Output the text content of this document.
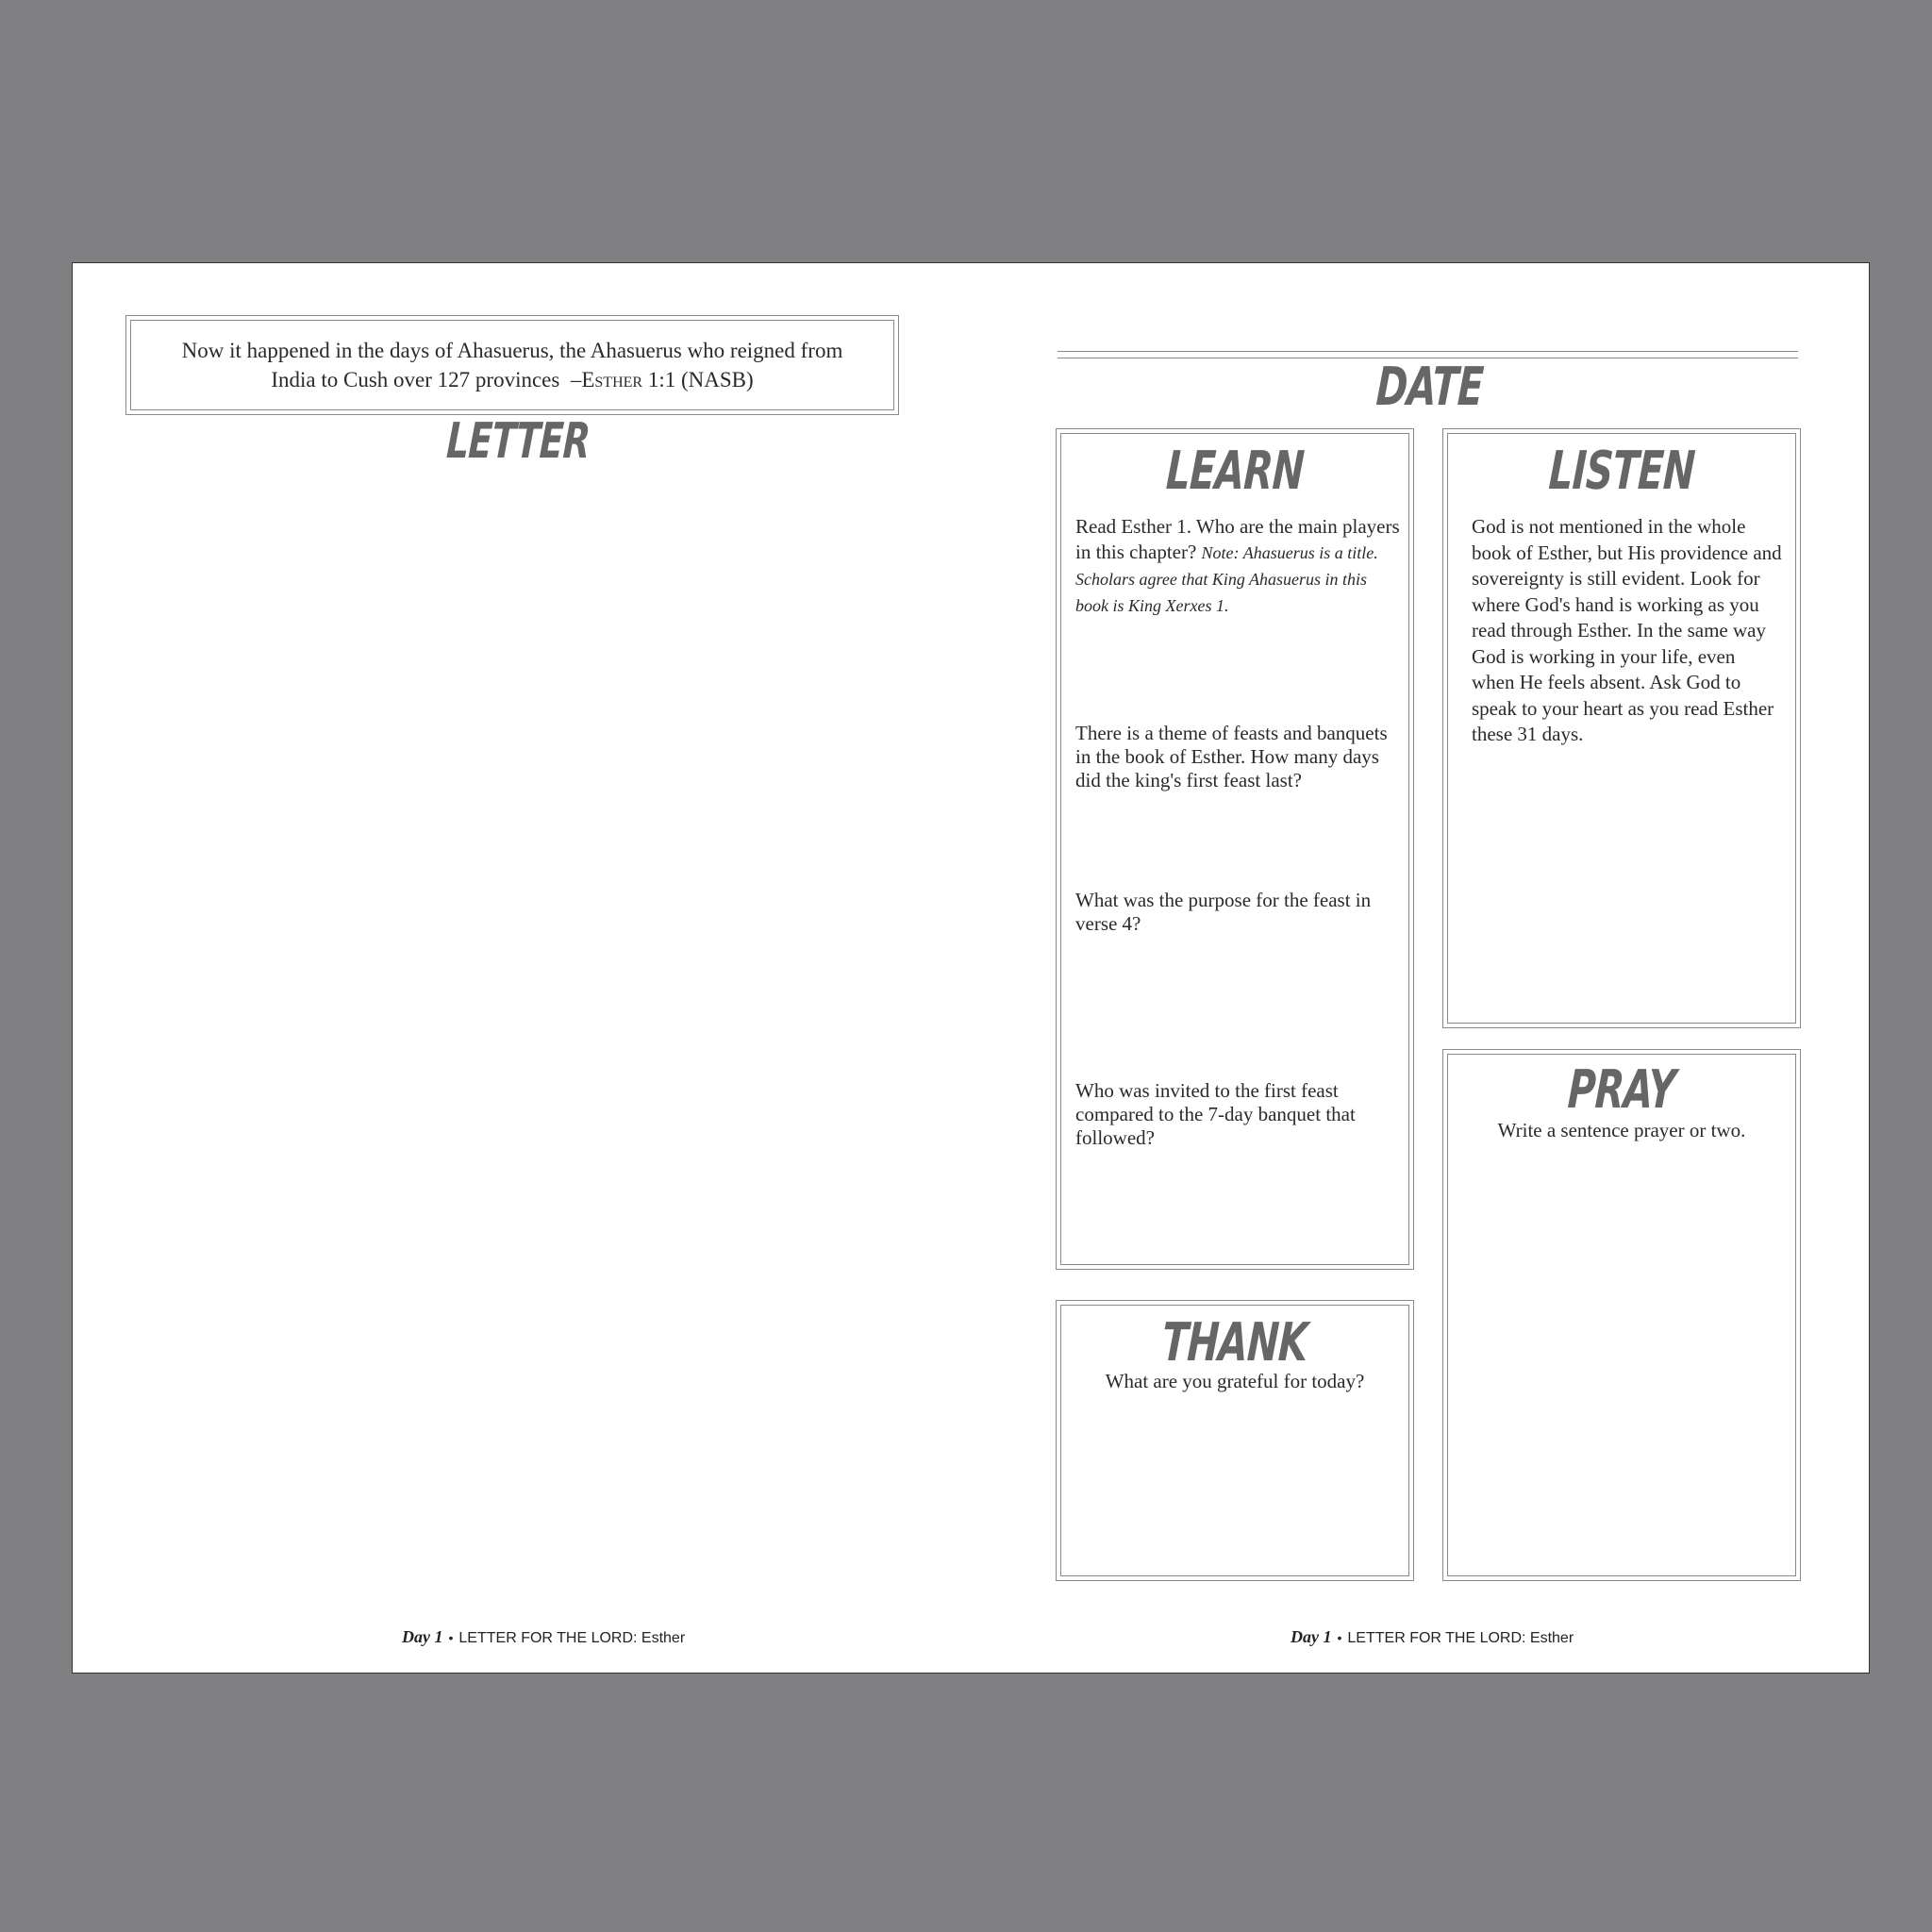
Now it happened in the days of Ahasuerus, the Ahasuerus who reigned from India to Cush over 127 provinces –Esther 1:1 (NASB)
LETTER
Day 1 • LETTER FOR THE LORD: Esther
DATE
LEARN

Read Esther 1. Who are the main players in this chapter? Note: Ahasuerus is a title. Scholars agree that King Ahasuerus in this book is King Xerxes 1.

There is a theme of feasts and banquets in the book of Esther. How many days did the king's first feast last?

What was the purpose for the feast in verse 4?

Who was invited to the first feast compared to the 7-day banquet that followed?

LISTEN

God is not mentioned in the whole book of Esther, but His providence and sovereignty is still evident. Look for where God's hand is working as you read through Esther. In the same way God is working in your life, even when He feels absent. Ask God to speak to your heart as you read Esther these 31 days.

THANK

What are you grateful for today?

PRAY

Write a sentence prayer or two.

Day 1 • LETTER FOR THE LORD: Esther
